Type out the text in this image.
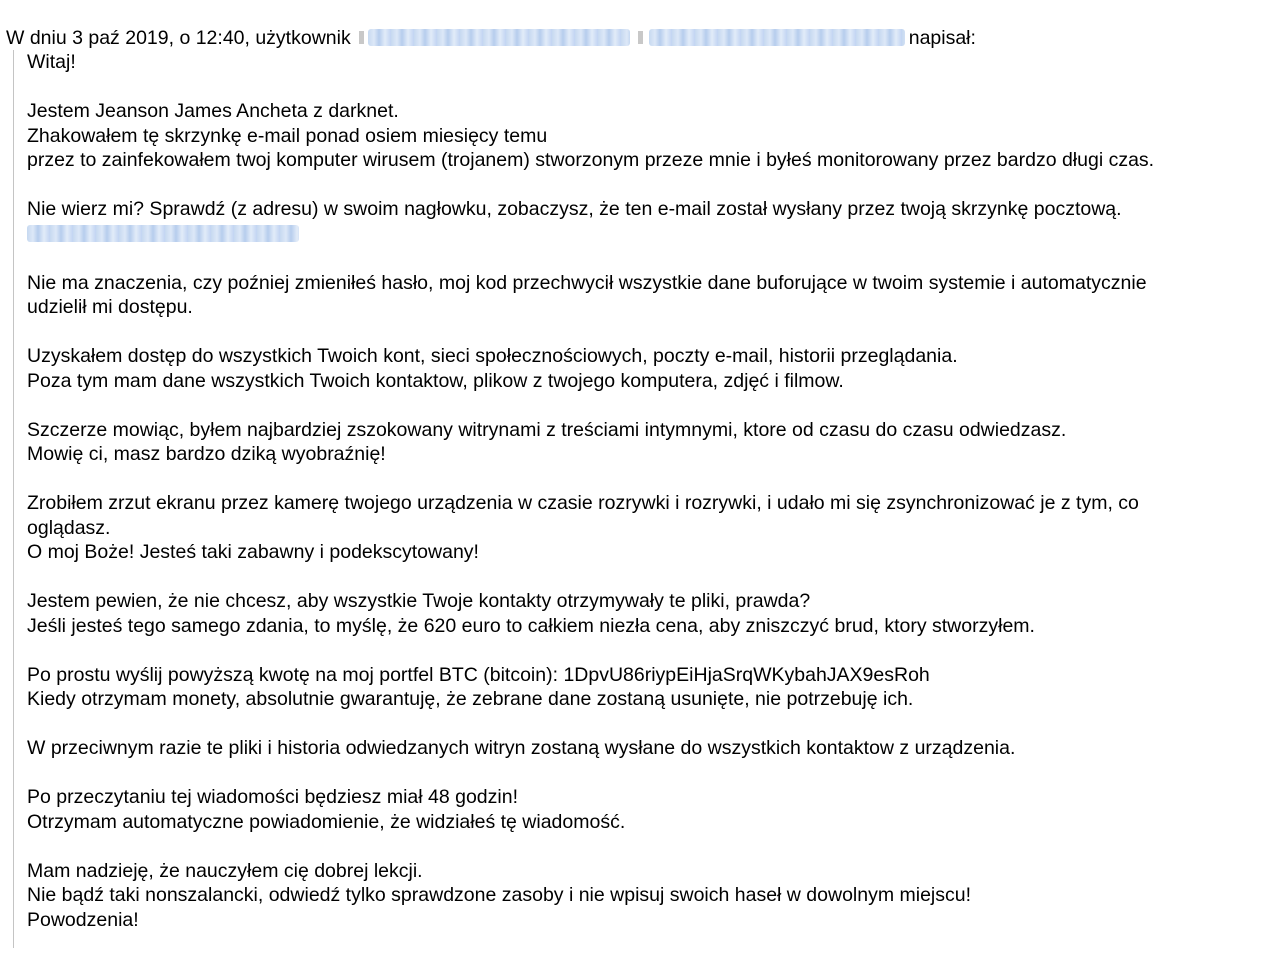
W dniu 3 paź 2019, o 12:40, użytkownik	napisał:
Witaj!
Jestem Jeanson James Ancheta z darknet.
Zhakowałem tę skrzynkę e-mail ponad osiem miesięcy temu
przez to zainfekowałem twoj komputer wirusem (trojanem) stworzonym przeze mnie i byłeś monitorowany przez bardzo długi czas.
Nie wierz mi? Sprawdź (z adresu) w swoim nagłowku, zobaczysz, że ten e-mail został wysłany przez twoją skrzynkę pocztową.
Nie ma znaczenia, czy poźniej zmieniłeś hasło, moj kod przechwycił wszystkie dane buforujące w twoim systemie i automatycznie
udzielił mi dostępu.
Uzyskałem dostęp do wszystkich Twoich kont, sieci społecznościowych, poczty e-mail, historii przeglądania.
Poza tym mam dane wszystkich Twoich kontaktow, plikow z twojego komputera, zdjęć i filmow.
Szczerze mowiąc, byłem najbardziej zszokowany witrynami z treściami intymnymi, ktore od czasu do czasu odwiedzasz.
Mowię ci, masz bardzo dziką wyobraźnię!
Zrobiłem zrzut ekranu przez kamerę twojego urządzenia w czasie rozrywki i rozrywki, i udało mi się zsynchronizować je z tym, co
oglądasz.
O moj Boże! Jesteś taki zabawny i podekscytowany!
Jestem pewien, że nie chcesz, aby wszystkie Twoje kontakty otrzymywały te pliki, prawda?
Jeśli jesteś tego samego zdania, to myślę, że 620 euro to całkiem niezła cena, aby zniszczyć brud, ktory stworzyłem.
Po prostu wyślij powyższą kwotę na moj portfel BTC (bitcoin): 1DpvU86riypEiHjaSrqWKybahJAX9esRoh
Kiedy otrzymam monety, absolutnie gwarantuję, że zebrane dane zostaną usunięte, nie potrzebuję ich.
W przeciwnym razie te pliki i historia odwiedzanych witryn zostaną wysłane do wszystkich kontaktow z urządzenia.
Po przeczytaniu tej wiadomości będziesz miał 48 godzin!
Otrzymam automatyczne powiadomienie, że widziałeś tę wiadomość.
Mam nadzieję, że nauczyłem cię dobrej lekcji.
Nie bądź taki nonszalancki, odwiedź tylko sprawdzone zasoby i nie wpisuj swoich haseł w dowolnym miejscu!
Powodzenia!
